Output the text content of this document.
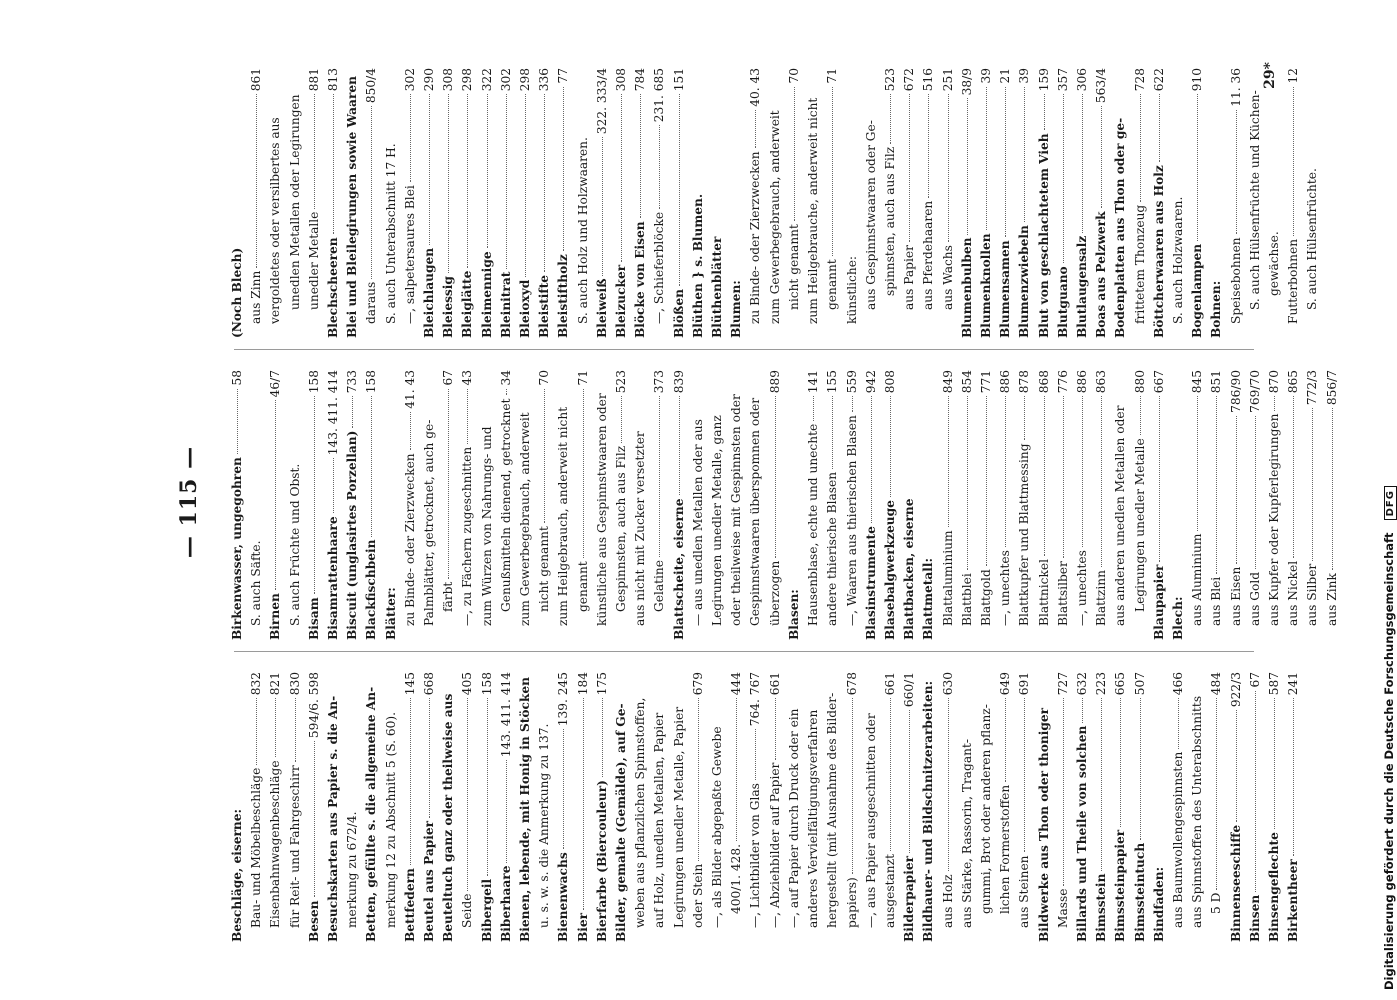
— 115 —
Beschläge, eiserne: Bau- und Möbelbeschläge
832
Eisenbahnwagenbeschläge
821
für Reit- und Fahrgeschirr
830
Besen
594/6. 598 Besuchskarten aus Papier s. die An- merkung zu 672/4. Betten, gefüllte s. die allgemeine An- merkung 12 zu Abschnitt 5 (S. 60). Bettfedern
145
Beutel aus Papier
668
Beuteltuch ganz oder theilweise aus Seide
405
Bibergeil
158
Biberhaare
143. 411. 414 Bienen, lebende, mit Honig in Stöcken u. s. w. s. die Anmerkung zu 137. Bienenwachs
139. 245
Bier
184
Bierfarbe (Biercouleur)
175
Bilder, gemalte (Gemälde), auf Ge- weben aus pflanzlichen Spinnstoffen, auf Holz, unedlen Metallen, Papier Legirungen unedler Metalle, Papier oder Stein
679
—, als Bilder abgepaßte Gewebe 400/1. 428.
444
—, Lichtbilder von Glas
764. 767
—, Abziehbilder auf Papier
661
—, auf Papier durch Druck oder ein anderes Vervielfältigungsverfahren hergestellt (mit Ausnahme des Bilder- papiers)
678
—, aus Papier ausgeschnitten oder ausgestanzt
661
Bilderpapier
660/1 Bildhauer- und Bildschnitzerarbeiten: aus Holz
630
aus Stärke, Rassorin, Tragant- gummi, Brot oder anderen pflanz- lichen Formerstoffen
649
aus Steinen
691
Bildwerke aus Thon oder thoniger Masse
727
Billards und Theile von solchen
632
Bimsstein
223
Bimssteinpapier
665
Bimssteintuch
507
Bindfaden: aus Baumwollengespinnsten
466
aus Spinnstoffen des Unterabschnitts 5 D
484
Binnenseeschiffe
922/3
Binsen
67
Binsengeflechte
587
Birkentheer
241
Birkenwasser, ungegohren
58
S. auch Säfte. Birnen
46/7
S. auch Früchte und Obst. Bisam
158
Bisamrattenhaare
143. 411. 414
Biscuit (unglasirtes Porzellan)
733
Blackfischbein
158
Blätter: zu Binde- oder Zierzwecken
41. 43
Palmblätter, getrocknet, auch ge- färbt
67
—, zu Fächern zugeschnitten
43
zum Würzen von Nahrungs- und Genußmitteln dienend, getrocknet
34
zum Gewerbegebrauch, anderweit nicht genannt
70
zum Heilgebrauch, anderweit nicht genannt
71
künstliche aus Gespinnstwaaren oder Gespinnsten, auch aus Filz
523
aus nicht mit Zucker versetzter Gelatine
373
Blattscheite, eiserne
839
— aus unedlen Metallen oder aus Legirungen unedler Metalle, ganz oder theilweise mit Gespinnsten oder Gespinnstwaaren überspomnen oder überzogen
889
Blasen: Hausenblase, echte und unechte
141
andere thierische Blasen
155
—, Waaren aus thierischen Blasen
559
Blasinstrumente
942
Blasebalgwerkzeuge
808
Blattbacken, eiserne Blattmetall: Blattaluminium
849
Blattblei
854
Blattgold
771
—, unechtes
886
Blattkupfer und Blattmessing
878
Blattnickel
868
Blattsilber
776
—, unechtes
886
Blattzinn
863
aus anderen unedlen Metallen oder Legirungen unedler Metalle
880
Blaupapier
667
Blech: aus Aluminium
845
aus Blei
851
aus Eisen
786/90
aus Gold
769/70
aus Kupfer oder Kupferlegirungen
870
aus Nickel
865
aus Silber
772/3
aus Zink
856/7
(Noch Blech) aus Zinn
861
vergoldetes oder versilbertes aus unedlen Metallen oder Legirungen unedler Metalle
881
Blechscheeren
813 Blei und Bleilegirungen sowie Waaren daraus
850/4
S. auch Unterabschnitt 17 H. —, salpetersaures Blei
302
Bleichlaugen
290
Bleiessig
308
Bleiglätte
298
Bleimennige
322
Bleinitrat
302
Bleioxyd
298
Bleistifte
336
Bleistiftholz
77
S. auch Holz und Holzwaaren. Bleiweiß
322. 333/4
Bleizucker
308
Blöcke von Eisen
784
—, Schieferblöcke
231. 685
Blößen
151
Blüthen } s. Blumen. Blüthenblätter Blumen: zu Binde- oder Zierzwecken
40. 43
zum Gewerbegebrauch, anderweit nicht genannt
70
zum Heilgebrauche, anderweit nicht genannt
71
künstliche: aus Gespinnstwaaren oder Ge- spinnsten, auch aus Filz
523
aus Papier
672
aus Pferdehaaren
516
aus Wachs
251
Blumenbulben
38/9
Blumenknollen
39
Blumensamen
21
Blumenzwiebeln
39
Blut von geschlachtetem Vieh
159
Blutguano
357
Blutlaugensalz
306
Boas aus Pelzwerk
563/4
Bodenplatten aus Thon oder ge- frittetem Thonzeug
728
Böttcherwaaren aus Holz
622
S. auch Holzwaaren. Bogenlampen
910
Bohnen: Speisebohnen
11. 36
S. auch Hülsenfrüchte und Küchen- gewächse. Futterbohnen
12
S. auch Hülsenfrüchte.
29*
Digitalisierung gefördert durch die Deutsche Forschungsgemeinschaft DFG
